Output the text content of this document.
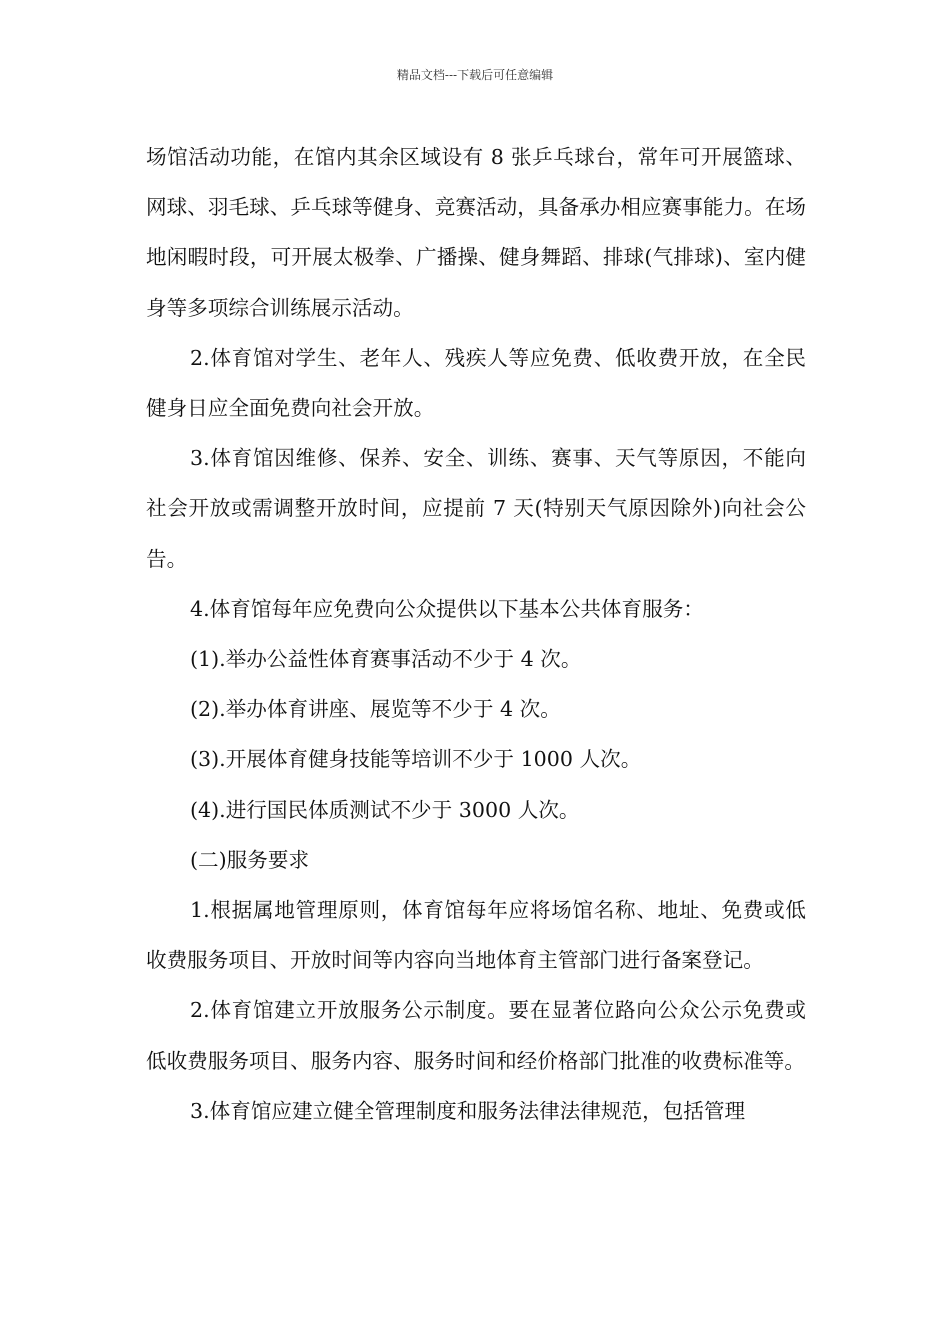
精品文档---下载后可任意编辑

场馆活动功能，在馆内其余区域设有 8 张乒乓球台，常年可开展篮球、网球、羽毛球、乒乓球等健身、竞赛活动，具备承办相应赛事能力。在场地闲暇时段，可开展太极拳、广播操、健身舞蹈、排球(气排球)、室内健身等多项综合训练展示活动。

2.体育馆对学生、老年人、残疾人等应免费、低收费开放，在全民健身日应全面免费向社会开放。

3.体育馆因维修、保养、安全、训练、赛事、天气等原因，不能向社会开放或需调整开放时间，应提前 7 天(特别天气原因除外)向社会公告。

4.体育馆每年应免费向公众提供以下基本公共体育服务：

(1).举办公益性体育赛事活动不少于 4 次。

(2).举办体育讲座、展览等不少于 4 次。

(3).开展体育健身技能等培训不少于 1000 人次。

(4).进行国民体质测试不少于 3000 人次。

(二)服务要求

1.根据属地管理原则，体育馆每年应将场馆名称、地址、免费或低收费服务项目、开放时间等内容向当地体育主管部门进行备案登记。

2.体育馆建立开放服务公示制度。要在显著位路向公众公示免费或低收费服务项目、服务内容、服务时间和经价格部门批准的收费标准等。

3.体育馆应建立健全管理制度和服务法律法律规范，包括管理
